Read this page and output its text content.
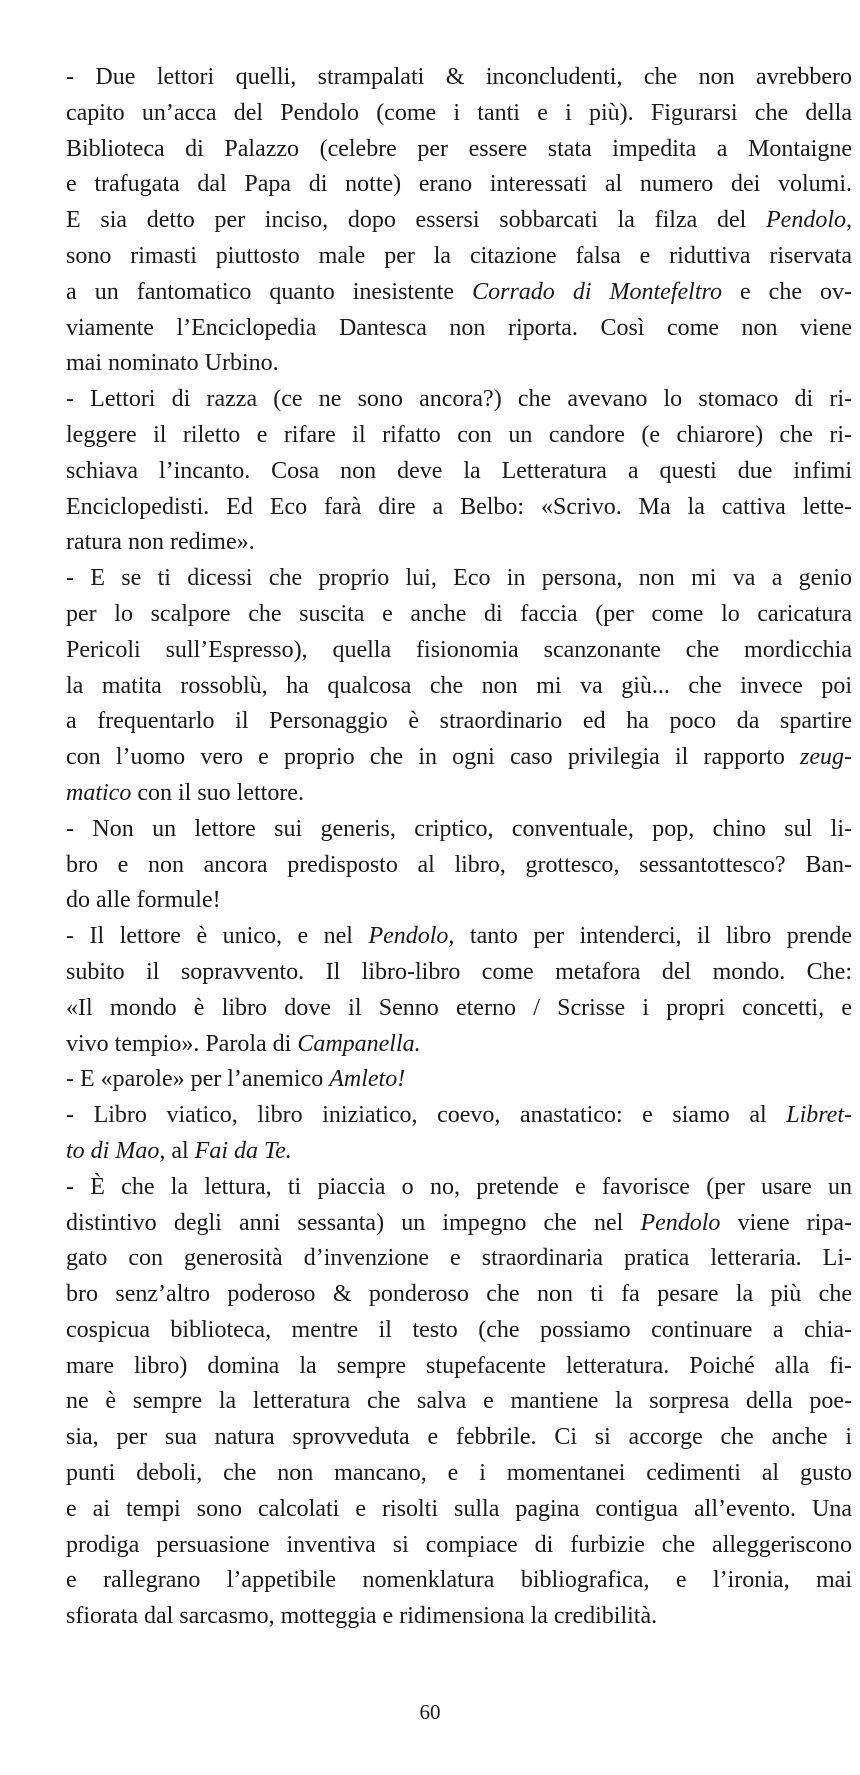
- Due lettori quelli, strampalati & inconcludenti, che non avrebbero
capito un’acca del Pendolo (come i tanti e i più). Figurarsi che della
Biblioteca di Palazzo (celebre per essere stata impedita a Montaigne
e trafugata dal Papa di notte) erano interessati al numero dei volumi.
E sia detto per inciso, dopo essersi sobbarcati la filza del Pendolo,
sono rimasti piuttosto male per la citazione falsa e riduttiva riservata
a un fantomatico quanto inesistente Corrado di Montefeltro e che ov-
viamente l’Enciclopedia Dantesca non riporta. Così come non viene
mai nominato Urbino.
- Lettori di razza (ce ne sono ancora?) che avevano lo stomaco di ri-
leggere il riletto e rifare il rifatto con un candore (e chiarore) che ri-
schiava l’incanto. Cosa non deve la Letteratura a questi due infimi
Enciclopedisti. Ed Eco farà dire a Belbo: «Scrivo. Ma la cattiva lette-
ratura non redime».
- E se ti dicessi che proprio lui, Eco in persona, non mi va a genio
per lo scalpore che suscita e anche di faccia (per come lo caricatura
Pericoli sull’Espresso), quella fisionomia scanzonante che mordicchia
la matita rossoblù, ha qualcosa che non mi va giù... che invece poi
a frequentarlo il Personaggio è straordinario ed ha poco da spartire
con l’uomo vero e proprio che in ogni caso privilegia il rapporto zeug-
matico con il suo lettore.
- Non un lettore sui generis, criptico, conventuale, pop, chino sul li-
bro e non ancora predisposto al libro, grottesco, sessantottesco? Ban-
do alle formule!
- Il lettore è unico, e nel Pendolo, tanto per intenderci, il libro prende
subito il sopravvento. Il libro-libro come metafora del mondo. Che:
«Il mondo è libro dove il Senno eterno / Scrisse i propri concetti, e
vivo tempio». Parola di Campanella.
- E «parole» per l’anemico Amleto!
- Libro viatico, libro iniziatico, coevo, anastatico: e siamo al Libret-
to di Mao, al Fai da Te.
- È che la lettura, ti piaccia o no, pretende e favorisce (per usare un
distintivo degli anni sessanta) un impegno che nel Pendolo viene ripa-
gato con generosità d’invenzione e straordinaria pratica letteraria. Li-
bro senz’altro poderoso & ponderoso che non ti fa pesare la più che
cospicua biblioteca, mentre il testo (che possiamo continuare a chia-
mare libro) domina la sempre stupefacente letteratura. Poiché alla fi-
ne è sempre la letteratura che salva e mantiene la sorpresa della poe-
sia, per sua natura sprovveduta e febbrile. Ci si accorge che anche i
punti deboli, che non mancano, e i momentanei cedimenti al gusto
e ai tempi sono calcolati e risolti sulla pagina contigua all’evento. Una
prodiga persuasione inventiva si compiace di furbizie che alleggeriscono
e rallegrano l’appetibile nomenklatura bibliografica, e l’ironia, mai
sfiorata dal sarcasmo, motteggia e ridimensiona la credibilità.
60
